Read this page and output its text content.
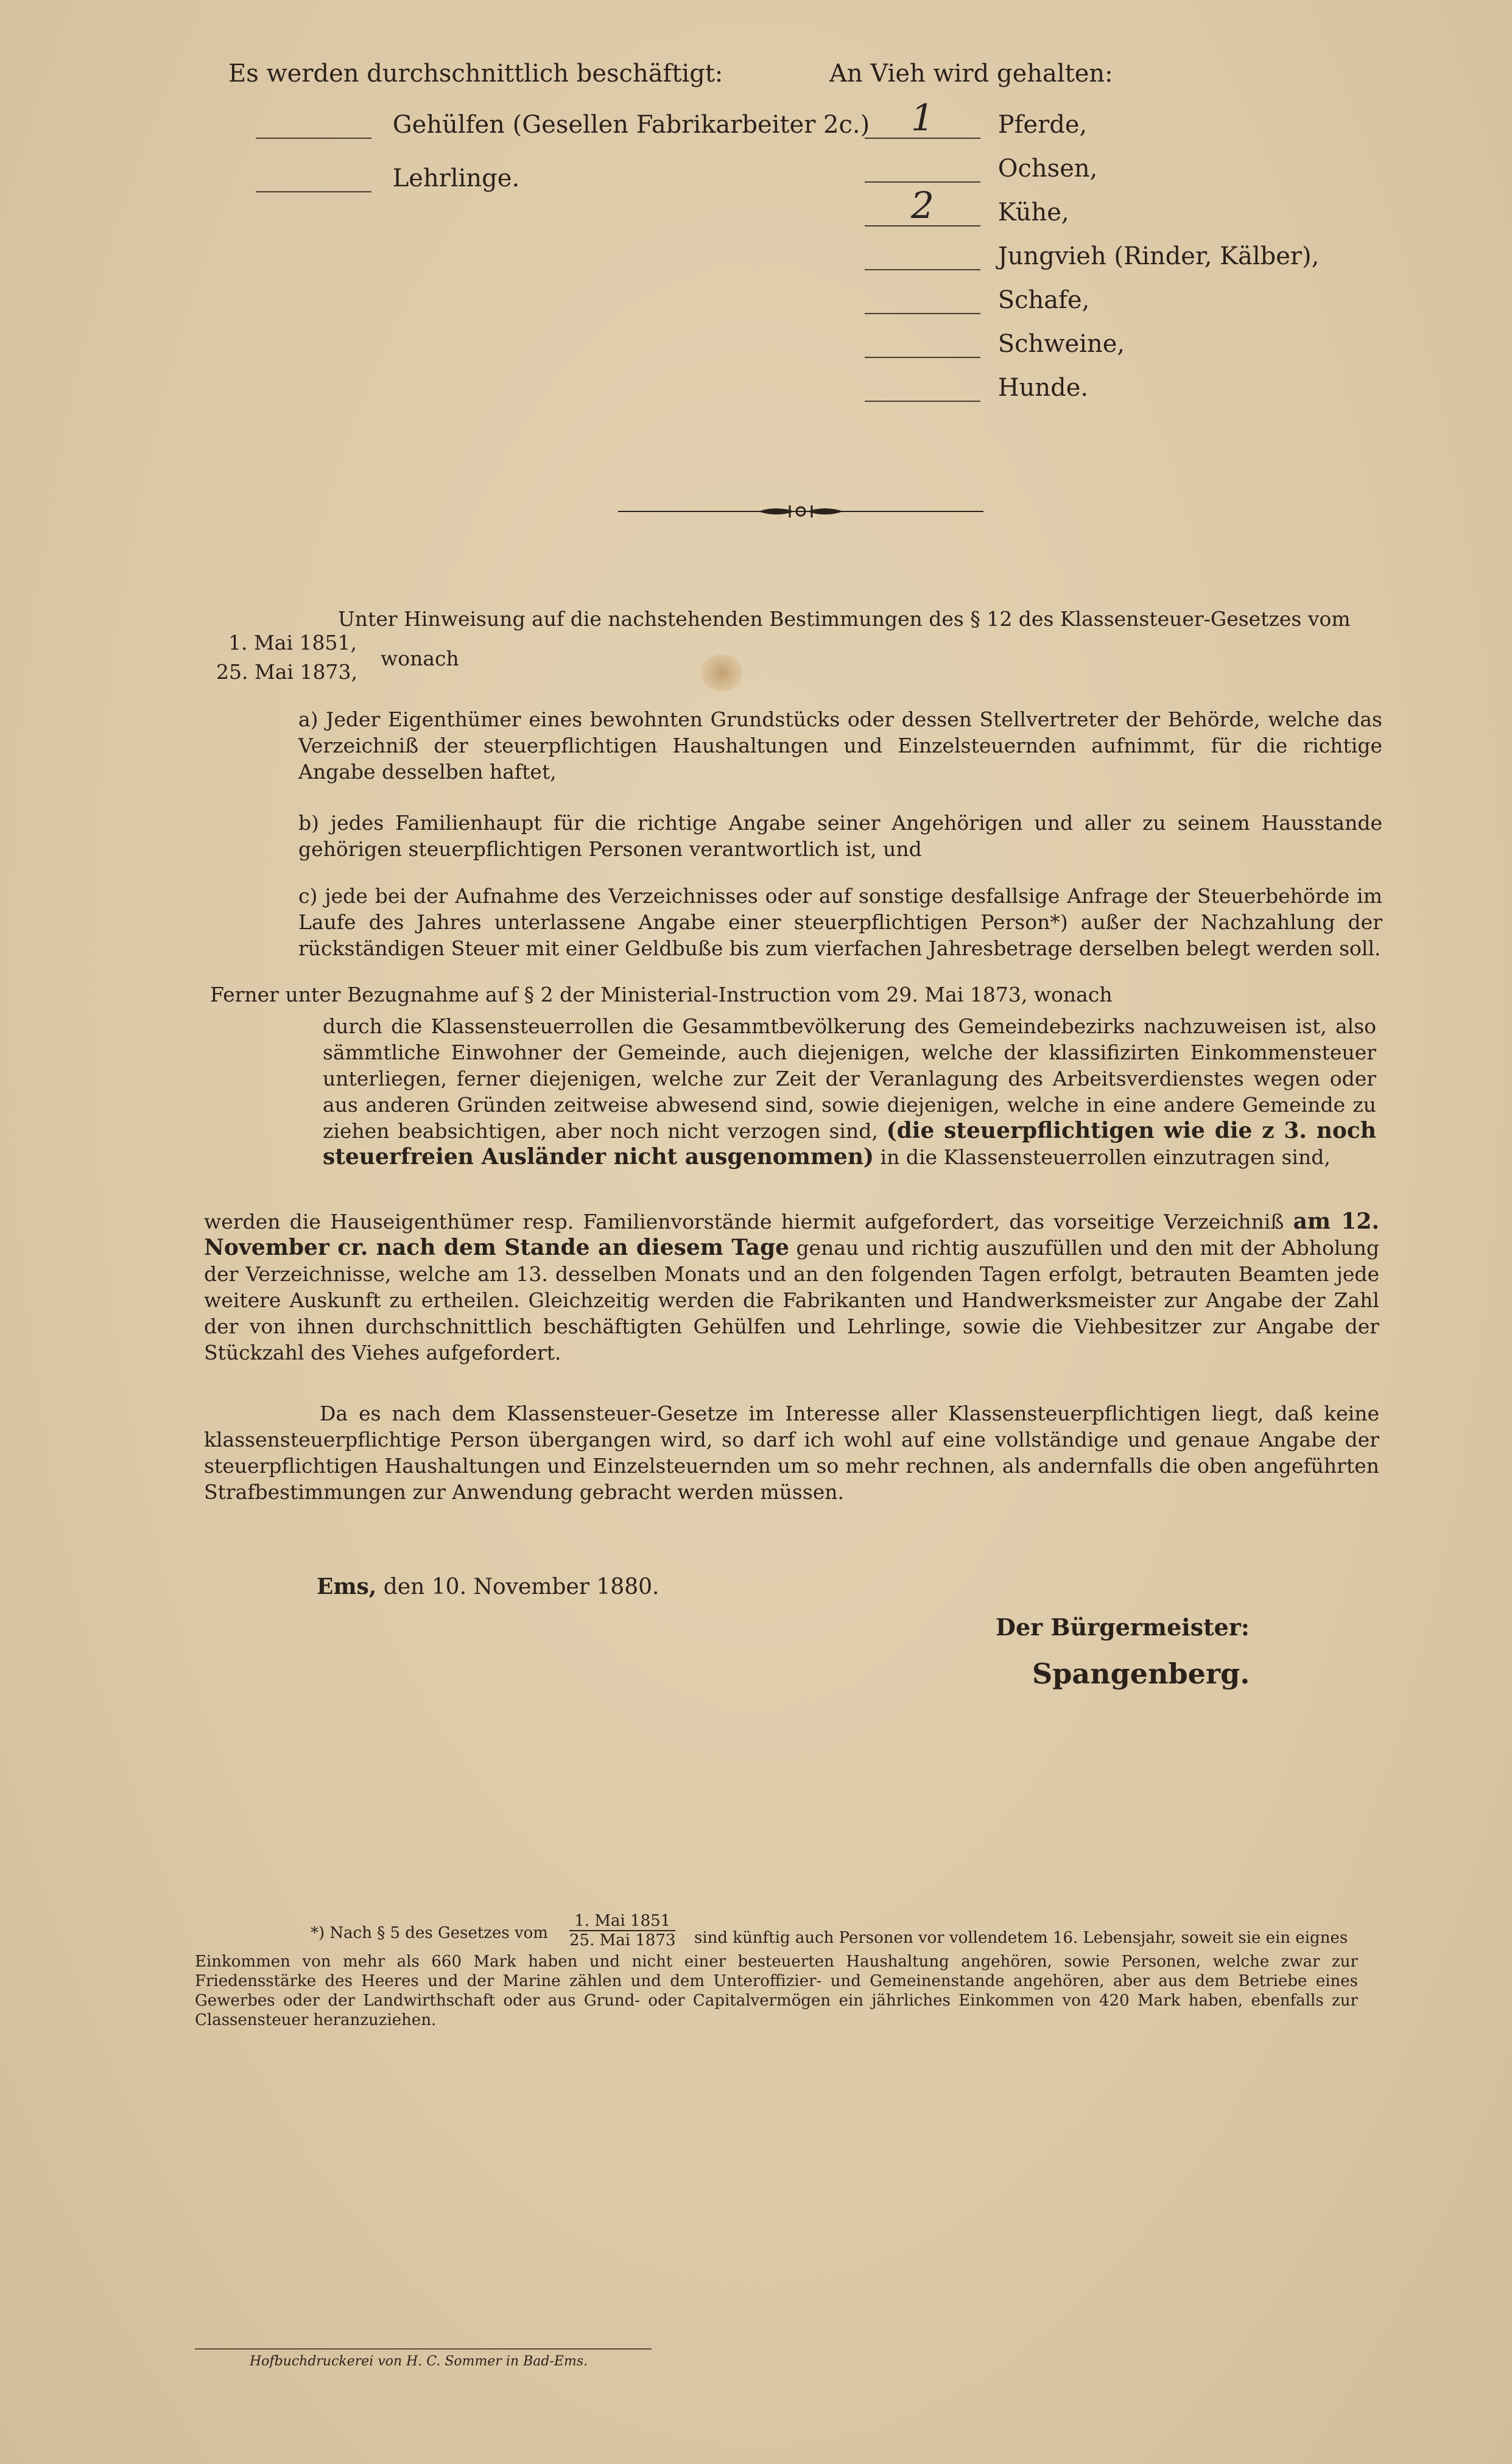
Es werden durchschnittlich beschäftigt:
Gehülfen (Gesellen Fabrikarbeiter 2c.)
Lehrlinge.
An Vieh wird gehalten:
1	Pferde,
Ochsen,
2	Kühe,
Jungvieh (Rinder, Kälber),
Schafe,
Schweine,
Hunde.
Unter Hinweisung auf die nachstehenden Bestimmungen des § 12 des Klassensteuer-Gesetzes vom
1. Mai 1851,
25. Mai 1873,
wonach
a) Jeder Eigenthümer eines bewohnten Grundstücks oder dessen Stellvertreter der Behörde, welche das Verzeichniß der steuerpflichtigen Haushaltungen und Einzelsteuernden aufnimmt, für die richtige Angabe desselben haftet,
b) jedes Familienhaupt für die richtige Angabe seiner Angehörigen und aller zu seinem Hausstande gehörigen steuerpflichtigen Personen verantwortlich ist, und
c) jede bei der Aufnahme des Verzeichnisses oder auf sonstige desfallsige Anfrage der Steuerbehörde im Laufe des Jahres unterlassene Angabe einer steuerpflichtigen Person*) außer der Nachzahlung der rückständigen Steuer mit einer Geldbuße bis zum vierfachen Jahresbetrage derselben belegt werden soll.
Ferner unter Bezugnahme auf § 2 der Ministerial-Instruction vom 29. Mai 1873, wonach

durch die Klassensteuerrollen die Gesammtbevölkerung des Gemeindebezirks nachzuweisen ist, also sämmtliche Einwohner der Gemeinde, auch diejenigen, welche der klassifizirten Einkommensteuer unterliegen, ferner diejenigen, welche zur Zeit der Veranlagung des Arbeitsverdienstes wegen oder aus anderen Gründen zeitweise abwesend sind, sowie diejenigen, welche in eine andere Gemeinde zu ziehen beabsichtigen, aber noch nicht verzogen sind, (die steuerpflichtigen wie die z 3. noch steuerfreien Ausländer nicht ausgenommen) in die Klassensteuerrollen einzutragen sind,

werden die Hauseigenthümer resp. Familienvorstände hiermit aufgefordert, das vorseitige Verzeichniß am 12. November cr. nach dem Stande an diesem Tage genau und richtig auszufüllen und den mit der Abholung der Verzeichnisse, welche am 13. desselben Monats und an den folgenden Tagen erfolgt, betrauten Beamten jede weitere Auskunft zu ertheilen. Gleichzeitig werden die Fabrikanten und Handwerksmeister zur Angabe der Zahl der von ihnen durchschnittlich beschäftigten Gehülfen und Lehrlinge, sowie die Viehbesitzer zur Angabe der Stückzahl des Viehes aufgefordert.

Da es nach dem Klassensteuer-Gesetze im Interesse aller Klassensteuerpflichtigen liegt, daß keine klassensteuerpflichtige Person übergangen wird, so darf ich wohl auf eine vollständige und genaue Angabe der steuerpflichtigen Haushaltungen und Einzelsteuernden um so mehr rechnen, als andernfalls die oben angeführten Strafbestimmungen zur Anwendung gebracht werden müssen.
Ems, den 10. November 1880.
Der Bürgermeister:
Spangenberg.
*) Nach § 5 des Gesetzes vom
1. Mai 1851
25. Mai 1873 sind künftig auch Personen vor vollendetem 16. Lebensjahr, soweit sie ein eignes
Einkommen von mehr als 660 Mark haben und nicht einer besteuerten Haushaltung angehören, sowie Personen, welche zwar zur Friedensstärke des Heeres und der Marine zählen und dem Unteroffizier- und Gemeinenstande angehören, aber aus dem Betriebe eines Gewerbes oder der Landwirthschaft oder aus Grund- oder Capitalvermögen ein jährliches Einkommen von 420 Mark haben, ebenfalls zur Classensteuer heranzuziehen.
Hofbuchdruckerei von H. C. Sommer in Bad-Ems.
